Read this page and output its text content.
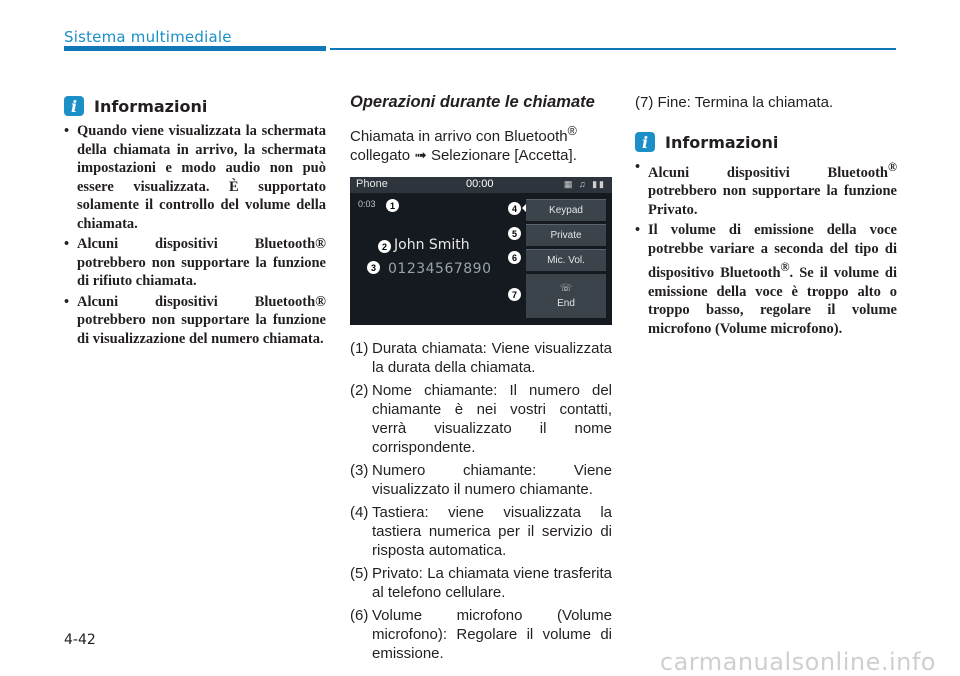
Sistema multimediale
i	Informazioni
• Quando viene visualizzata la schermata della chiamata in arrivo, la schermata impostazioni e modo audio non può essere visualizzata. È supportato solamente il controllo del volume della chiamata.
• Alcuni dispositivi Bluetooth® potrebbero non supportare la funzione di rifiuto chiamata.
• Alcuni dispositivi Bluetooth® potrebbero non supportare la funzione di visualizzazione del numero chiamata.
Operazioni durante le chiamate

Chiamata in arrivo con Bluetooth® collegato ➟ Selezionare [Accetta].

Phone	00:00	▦ ♫ ▮▮
0:03
John Smith
01234567890
Keypad
Private
Mic. Vol.
☏
End
1
2
3
4
5
6
7
(1) Durata chiamata: Viene visualizzata la durata della chiamata.
(2) Nome chiamante: Il numero del chiamante è nei vostri contatti, verrà visualizzato il nome corrispondente.
(3) Numero chiamante: Viene visualizzato il numero chiamante.
(4) Tastiera: viene visualizzata la tastiera numerica per il servizio di risposta automatica.
(5) Privato: La chiamata viene trasferita al telefono cellulare.
(6) Volume microfono (Volume microfono): Regolare il volume di emissione.

(7) Fine: Termina la chiamata.

i	Informazioni
• Alcuni dispositivi Bluetooth® potrebbero non supportare la funzione Privato.
• Il volume di emissione della voce potrebbe variare a seconda del tipo di dispositivo Bluetooth®. Se il volume di emissione della voce è troppo alto o troppo basso, regolare il volume microfono (Volume microfono).
4-42
carmanualsonline.info
